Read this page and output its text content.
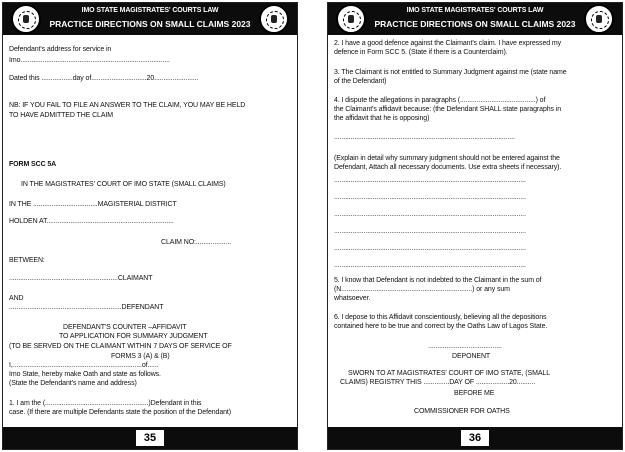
IMO STATE MAGISTRATES' COURTS LAW
PRACTICE DIRECTIONS ON SMALL CLAIMS 2023
Defendant's address for service in
Imo.................................................................................
Dated this .................day of..............................20........................
NB: IF YOU FAIL TO FILE AN ANSWER TO THE CLAIM, YOU MAY BE HELD
TO HAVE ADMITTED THE CLAIM
FORM SCC 5A
IN THE MAGISTRATES' COURT OF IMO STATE (SMALL CLAIMS)
IN THE ...................................MAGISTERIAL DISTRICT
HOLDEN AT.....................................................................
CLAIM NO:...................
BETWEEN:
...........................................................CLAIMANT
AND
.............................................................DEFENDANT
DEFENDANT'S COUNTER –AFFIDAVIT
TO APPLICATION FOR SUMMARY JUDGMENT
(TO BE SERVED ON THE CLAIMANT WITHIN 7 DAYS OF SERVICE OF
FORMS 3 (A) & (B)
I,......................................................................of......
Imo State, hereby make Oath and state as follows.
(State the Defendant's name and address)
1. I am the (........................................................)Defendant in this
case. (If there are multiple Defendants state the position of the Defendant)
35
IMO STATE MAGISTRATES' COURTS LAW
PRACTICE DIRECTIONS ON SMALL CLAIMS 2023
2. I have a good defence against the Claimant's claim. I have expressed my
defence in Form SCC 5. (State if there is a Counterclaim).
3. The Claimant is not entitled to Summary Judgment against me (state name
of the Defendant)
4. I dispute the allegations in paragraphs (.........................................) of
the Claimant's affidavit because: (the Defendant SHALL state paragraphs in
the affidavit that he is opposing)
..................................................................................................
(Explain in detail why summary judgment should not be entered against the
Defendant, Attach all necessary documents. Use extra sheets if necessary).
........................................................................................................
........................................................................................................
........................................................................................................
........................................................................................................
........................................................................................................
........................................................................................................
5. I know that Defendant is not indebted to the Claimant in the sum of
(N.......................................................................) or any sum
whatsoever.
6. I depose to this Affidavit conscientiously, believing all the depositions
contained here to be true and correct by the Oaths Law of Lagos State.
........................................
DEPONENT
SWORN TO AT MAGISTRATES' COURT OF IMO STATE, (SMALL
CLAIMS) REGISTRY THIS ..............DAY OF ..................20..........
BEFORE ME
COMMISSIONER FOR OATHS
36
